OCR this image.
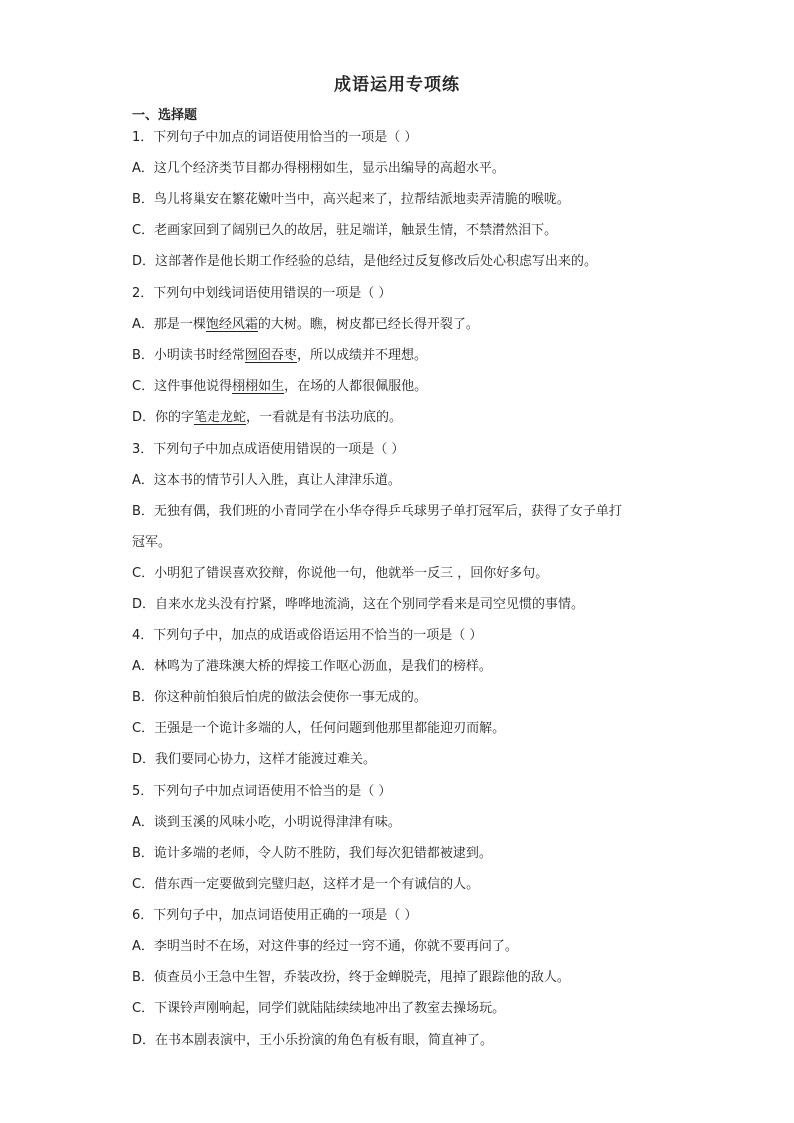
成语运用专项练
一、选择题
1．下列句子中加点的词语使用恰当的一项是（ ）
A．这几个经济类节目都办得栩栩如生，显示出编导的高超水平。
B．鸟儿将巢安在繁花嫩叶当中，高兴起来了，拉帮结派地卖弄清脆的喉咙。
C．老画家回到了阔别已久的故居，驻足端详，触景生情，不禁潸然泪下。
D．这部著作是他长期工作经验的总结，是他经过反复修改后处心积虑写出来的。
2．下列句中划线词语使用错误的一项是（ ）
A．那是一棵饱经风霜的大树。瞧，树皮都已经长得开裂了。
B．小明读书时经常囫囵吞枣，所以成绩并不理想。
C．这件事他说得栩栩如生，在场的人都很佩服他。
D．你的字笔走龙蛇，一看就是有书法功底的。
3．下列句子中加点成语使用错误的一项是（ ）
A．这本书的情节引人入胜，真让人津津乐道。
B．无独有偶，我们班的小青同学在小华夺得乒乓球男子单打冠军后，获得了女子单打
冠军。
C．小明犯了错误喜欢狡辩，你说他一句，他就举一反三 ，回你好多句。
D．自来水龙头没有拧紧，哗哗地流淌，这在个别同学看来是司空见惯的事情。
4．下列句子中，加点的成语或俗语运用不恰当的一项是（ ）
A．林鸣为了港珠澳大桥的焊接工作呕心沥血，是我们的榜样。
B．你这种前怕狼后怕虎的做法会使你一事无成的。
C．王强是一个诡计多端的人，任何问题到他那里都能迎刃而解。
D．我们要同心协力，这样才能渡过难关。
5．下列句子中加点词语使用不恰当的是（ ）
A．谈到玉溪的风味小吃，小明说得津津有味。
B．诡计多端的老师，令人防不胜防，我们每次犯错都被逮到。
C．借东西一定要做到完璧归赵，这样才是一个有诚信的人。
6．下列句子中，加点词语使用正确的一项是（ ）
A．李明当时不在场，对这件事的经过一窍不通，你就不要再问了。
B．侦查员小王急中生智，乔装改扮，终于金蝉脱壳，甩掉了跟踪他的敌人。
C．下课铃声刚响起，同学们就陆陆续续地冲出了教室去操场玩。
D．在书本剧表演中，王小乐扮演的角色有板有眼，简直神了。
